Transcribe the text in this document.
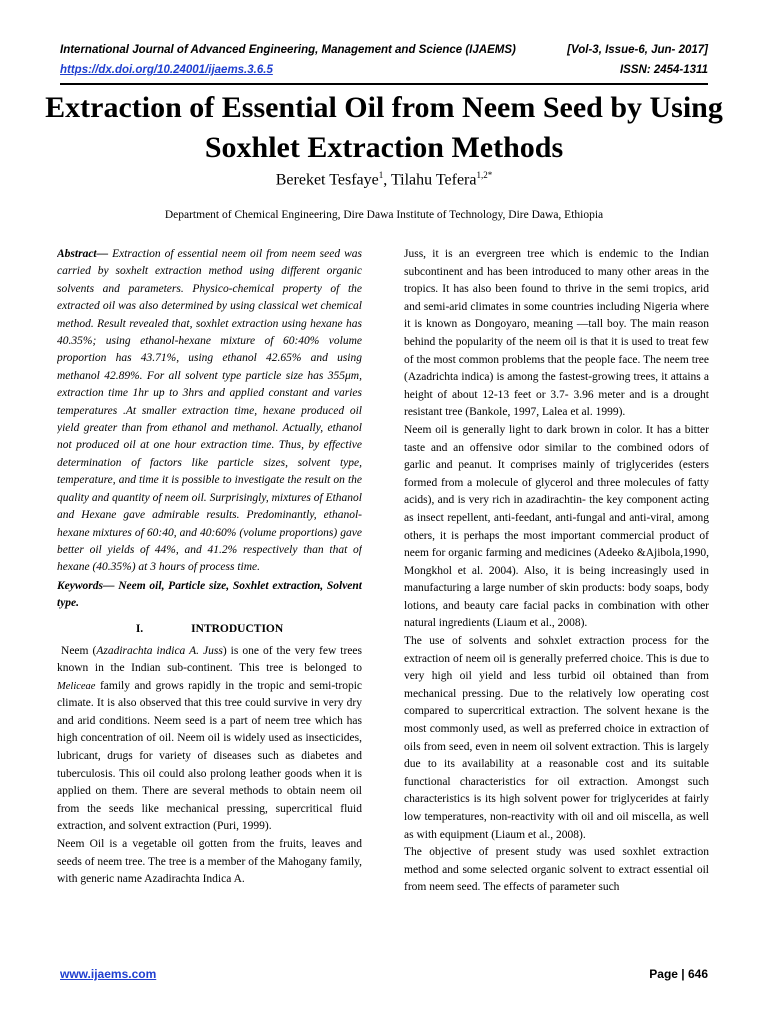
International Journal of Advanced Engineering, Management and Science (IJAEMS)	[Vol-3, Issue-6, Jun- 2017]
https://dx.doi.org/10.24001/ijaems.3.6.5	ISSN: 2454-1311
Extraction of Essential Oil from Neem Seed by Using Soxhlet Extraction Methods
Bereket Tesfaye$^1$, Tilahu Tefera$^{1,2*}$
Department of Chemical Engineering, Dire Dawa Institute of Technology, Dire Dawa, Ethiopia

Abstract— Extraction of essential neem oil from neem seed was carried by soxhelt extraction method using different organic solvents and parameters. Physico-chemical property of the extracted oil was also determined by using classical wet chemical method. Result revealed that, soxhlet extraction using hexane has 40.35%; using ethanol-hexane mixture of 60:40% volume proportion has 43.71%, using ethanol 42.65% and using methanol 42.89%. For all solvent type particle size has 355μm, extraction time 1hr up to 3hrs and applied constant and varies temperatures .At smaller extraction time, hexane produced oil yield greater than from ethanol and methanol. Actually, ethanol not produced oil at one hour extraction time. Thus, by effective determination of factors like particle sizes, solvent type, temperature, and time it is possible to investigate the result on the quality and quantity of neem oil. Surprisingly, mixtures of Ethanol and Hexane gave admirable results. Predominantly, ethanol-hexane mixtures of 60:40, and 40:60% (volume proportions) gave better oil yields of 44%, and 41.2% respectively than that of hexane (40.35%) at 3 hours of process time.

Keywords— Neem oil, Particle size, Soxhlet extraction, Solvent type.

I.	INTRODUCTION

Neem (Azadirachta indica A. Juss) is one of the very few trees known in the Indian sub-continent. This tree is belonged to Meliceae family and grows rapidly in the tropic and semi-tropic climate. It is also observed that this tree could survive in very dry and arid conditions. Neem seed is a part of neem tree which has high concentration of oil. Neem oil is widely used as insecticides, lubricant, drugs for variety of diseases such as diabetes and tuberculosis. This oil could also prolong leather goods when it is applied on them. There are several methods to obtain neem oil from the seeds like mechanical pressing, supercritical fluid extraction, and solvent extraction (Puri, 1999).

Neem Oil is a vegetable oil gotten from the fruits, leaves and seeds of neem tree. The tree is a member of the Mahogany family, with generic name Azadirachta Indica A.

Juss, it is an evergreen tree which is endemic to the Indian subcontinent and has been introduced to many other areas in the tropics. It has also been found to thrive in the semi tropics, arid and semi-arid climates in some countries including Nigeria where it is known as Dongoyaro, meaning ―tall boy. The main reason behind the popularity of the neem oil is that it is used to treat few of the most common problems that the people face. The neem tree (Azadrichta indica) is among the fastest-growing trees, it attains a height of about 12-13 feet or 3.7- 3.96 meter and is a drought resistant tree (Bankole, 1997, Lalea et al. 1999).

Neem oil is generally light to dark brown in color. It has a bitter taste and an offensive odor similar to the combined odors of garlic and peanut. It comprises mainly of triglycerides (esters formed from a molecule of glycerol and three molecules of fatty acids), and is very rich in azadirachtin- the key component acting as insect repellent, anti-feedant, anti-fungal and anti-viral, among others, it is perhaps the most important commercial product of neem for organic farming and medicines (Adeeko &Ajibola,1990, Mongkhol et al. 2004). Also, it is being increasingly used in manufacturing a large number of skin products: body soaps, body lotions, and beauty care facial packs in combination with other natural ingredients (Liaum et al., 2008).

The use of solvents and sohxlet extraction process for the extraction of neem oil is generally preferred choice. This is due to very high oil yield and less turbid oil obtained than from mechanical pressing. Due to the relatively low operating cost compared to supercritical extraction. The solvent hexane is the most commonly used, as well as preferred choice in extraction of oils from seed, even in neem oil solvent extraction. This is largely due to its availability at a reasonable cost and its suitable functional characteristics for oil extraction. Amongst such characteristics is its high solvent power for triglycerides at fairly low temperatures, non-reactivity with oil and oil miscella, as well as with equipment (Liaum et al., 2008).

The objective of present study was used soxhlet extraction method and some selected organic solvent to extract essential oil from neem seed. The effects of parameter such

www.ijaems.com	Page | 646
